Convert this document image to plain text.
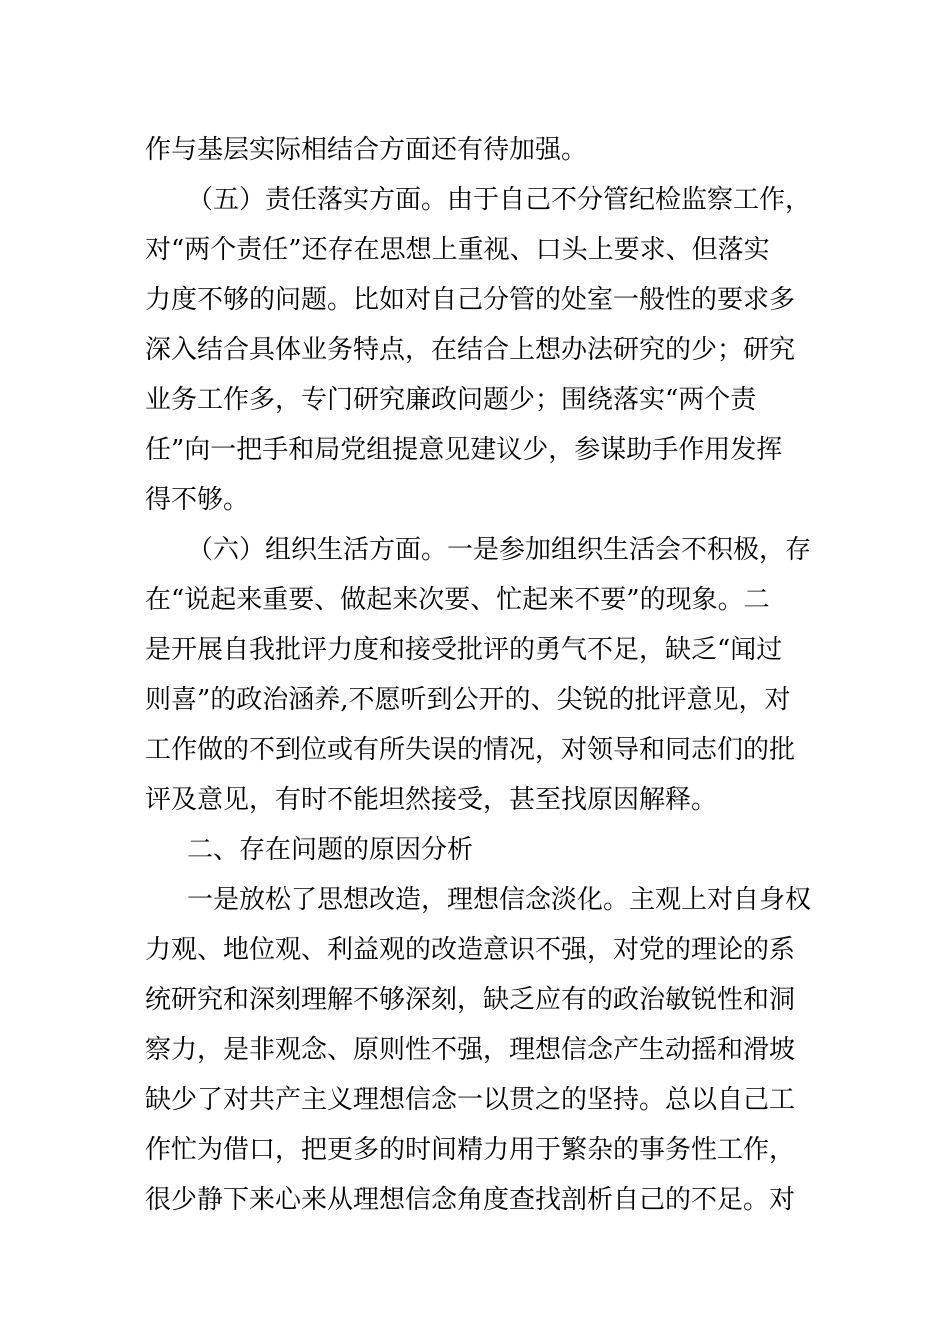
作与基层实际相结合方面还有待加强。
（五）责任落实方面。由于自己不分管纪检监察工作，
对“两个责任”还存在思想上重视、口头上要求、但落实
力度不够的问题。比如对自己分管的处室一般性的要求多
深入结合具体业务特点，在结合上想办法研究的少；研究
业务工作多，专门研究廉政问题少；围绕落实“两个责
任”向一把手和局党组提意见建议少，参谋助手作用发挥
得不够。
（六）组织生活方面。一是参加组织生活会不积极，存
在“说起来重要、做起来次要、忙起来不要”的现象。二
是开展自我批评力度和接受批评的勇气不足，缺乏“闻过
则喜”的政治涵养,不愿听到公开的、尖锐的批评意见，对
工作做的不到位或有所失误的情况，对领导和同志们的批
评及意见，有时不能坦然接受，甚至找原因解释。
二、存在问题的原因分析
一是放松了思想改造，理想信念淡化。主观上对自身权
力观、地位观、利益观的改造意识不强，对党的理论的系
统研究和深刻理解不够深刻，缺乏应有的政治敏锐性和洞
察力，是非观念、原则性不强，理想信念产生动摇和滑坡
缺少了对共产主义理想信念一以贯之的坚持。总以自己工
作忙为借口，把更多的时间精力用于繁杂的事务性工作，
很少静下来心来从理想信念角度查找剖析自己的不足。对
